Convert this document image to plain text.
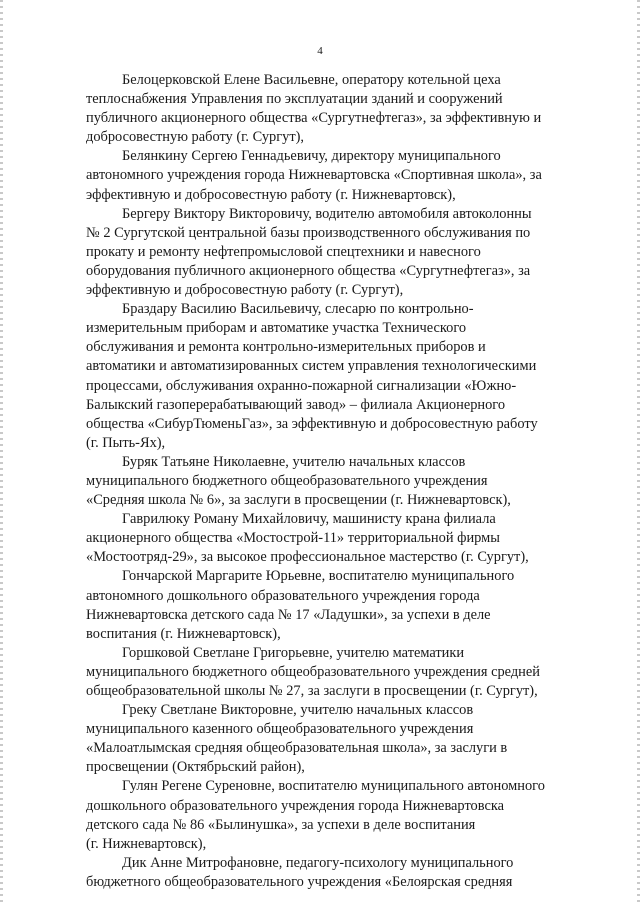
4

Белоцерковской Елене Васильевне, оператору котельной цеха
теплоснабжения Управления по эксплуатации зданий и сооружений
публичного акционерного общества «Сургутнефтегаз», за эффективную и
добросовестную работу (г. Сургут),

Белянкину Сергею Геннадьевичу, директору муниципального
автономного учреждения города Нижневартовска «Спортивная школа», за
эффективную и добросовестную работу (г. Нижневартовск),

Бергеру Виктору Викторовичу, водителю автомобиля автоколонны
№ 2 Сургутской центральной базы производственного обслуживания по
прокату и ремонту нефтепромысловой спецтехники и навесного
оборудования публичного акционерного общества «Сургутнефтегаз», за
эффективную и добросовестную работу (г. Сургут),

Браздару Василию Васильевичу, слесарю по контрольно-
измерительным приборам и автоматике участка Технического
обслуживания и ремонта контрольно-измерительных приборов и
автоматики и автоматизированных систем управления технологическими
процессами, обслуживания охранно-пожарной сигнализации «Южно-
Балыкский газоперерабатывающий завод» – филиала Акционерного
общества «СибурТюменьГаз», за эффективную и добросовестную работу
(г. Пыть-Ях),

Буряк Татьяне Николаевне, учителю начальных классов
муниципального бюджетного общеобразовательного учреждения
«Средняя школа № 6», за заслуги в просвещении (г. Нижневартовск),

Гаврилюку Роману Михайловичу, машинисту крана филиала
акционерного общества «Мостострой-11» территориальной фирмы
«Мостоотряд-29», за высокое профессиональное мастерство (г. Сургут),

Гончарской Маргарите Юрьевне, воспитателю муниципального
автономного дошкольного образовательного учреждения города
Нижневартовска детского сада № 17 «Ладушки», за успехи в деле
воспитания (г. Нижневартовск),

Горшковой Светлане Григорьевне, учителю математики
муниципального бюджетного общеобразовательного учреждения средней
общеобразовательной школы № 27, за заслуги в просвещении (г. Сургут),

Греку Светлане Викторовне, учителю начальных классов
муниципального казенного общеобразовательного учреждения
«Малоатлымская средняя общеобразовательная школа», за заслуги в
просвещении (Октябрьский район),

Гулян Регене Суреновне, воспитателю муниципального автономного
дошкольного образовательного учреждения города Нижневартовска
детского сада № 86 «Былинушка», за успехи в деле воспитания
(г. Нижневартовск),

Дик Анне Митрофановне, педагогу-психологу муниципального
бюджетного общеобразовательного учреждения «Белоярская средняя
